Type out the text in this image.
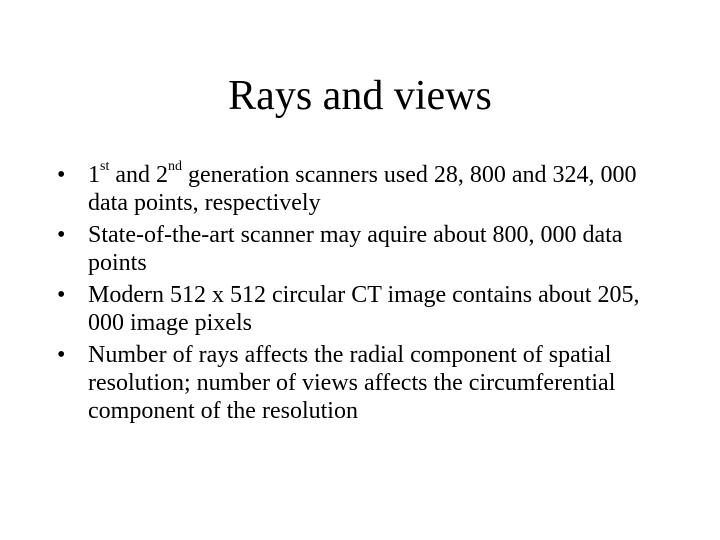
Rays and views
• 1st and 2nd generation scanners used 28, 800 and 324, 000 data points, respectively
• State-of-the-art scanner may aquire about 800, 000 data points
• Modern 512 x 512 circular CT image contains about 205, 000 image pixels
• Number of rays affects the radial component of spatial resolution; number of views affects the circumferential component of the resolution
